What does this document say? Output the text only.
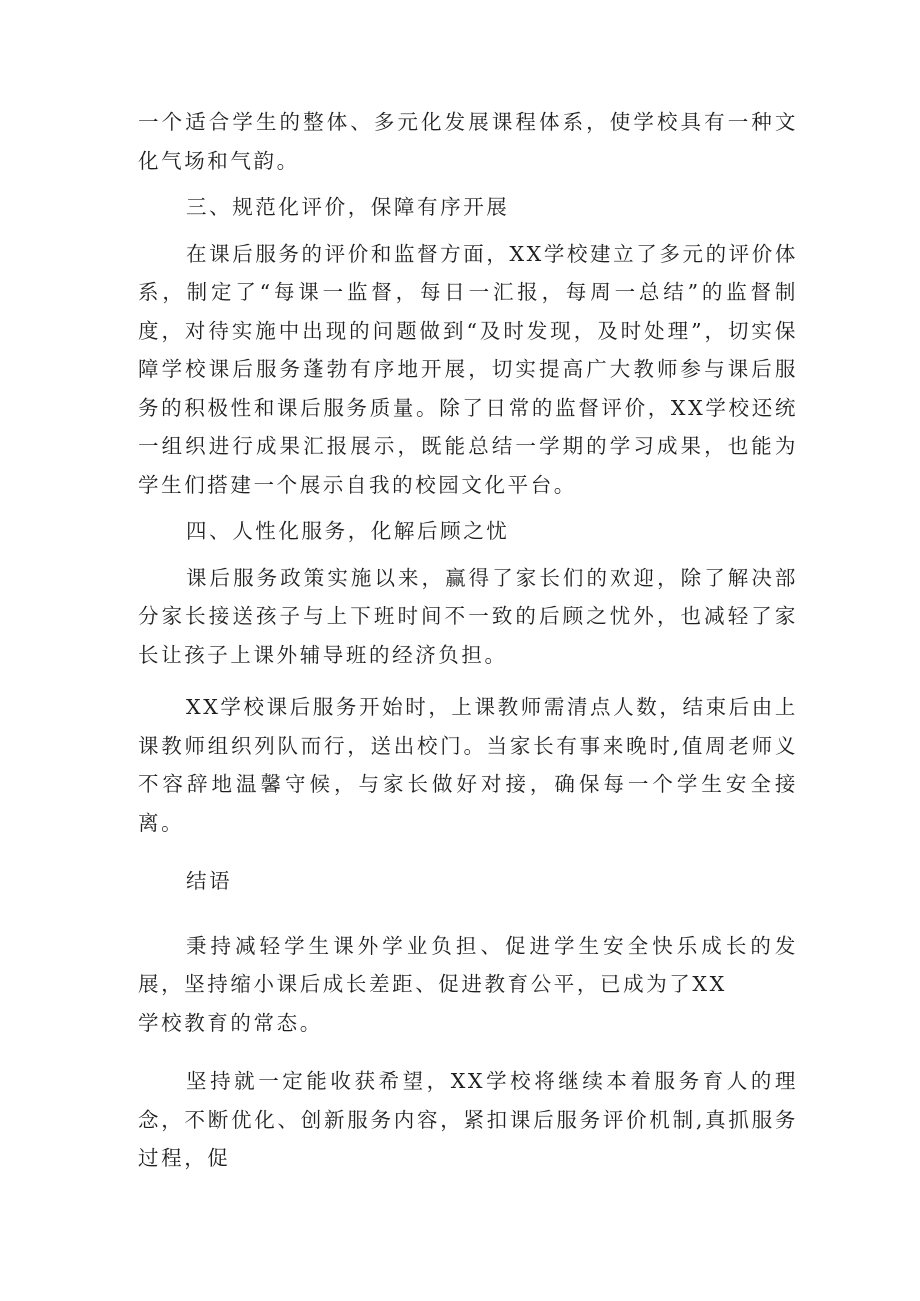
一个适合学生的整体、多元化发展课程体系，使学校具有一种文化气场和气韵。

三、规范化评价，保障有序开展

在课后服务的评价和监督方面，XX学校建立了多元的评价体系，制定了“每课一监督，每日一汇报，每周一总结”的监督制度，对待实施中出现的问题做到“及时发现，及时处理”，切实保障学校课后服务蓬勃有序地开展，切实提高广大教师参与课后服务的积极性和课后服务质量。除了日常的监督评价，XX学校还统一组织进行成果汇报展示，既能总结一学期的学习成果，也能为学生们搭建一个展示自我的校园文化平台。

四、人性化服务，化解后顾之忧

课后服务政策实施以来，赢得了家长们的欢迎，除了解决部分家长接送孩子与上下班时间不一致的后顾之忧外，也减轻了家长让孩子上课外辅导班的经济负担。

XX学校课后服务开始时，上课教师需清点人数，结束后由上课教师组织列队而行，送出校门。当家长有事来晚时,值周老师义不容辞地温馨守候，与家长做好对接，确保每一个学生安全接离。

结语

秉持减轻学生课外学业负担、促进学生安全快乐成长的发展，坚持缩小课后成长差距、促进教育公平，已成为了XX

学校教育的常态。

坚持就一定能收获希望，XX学校将继续本着服务育人的理念，不断优化、创新服务内容，紧扣课后服务评价机制,真抓服务过程，促
